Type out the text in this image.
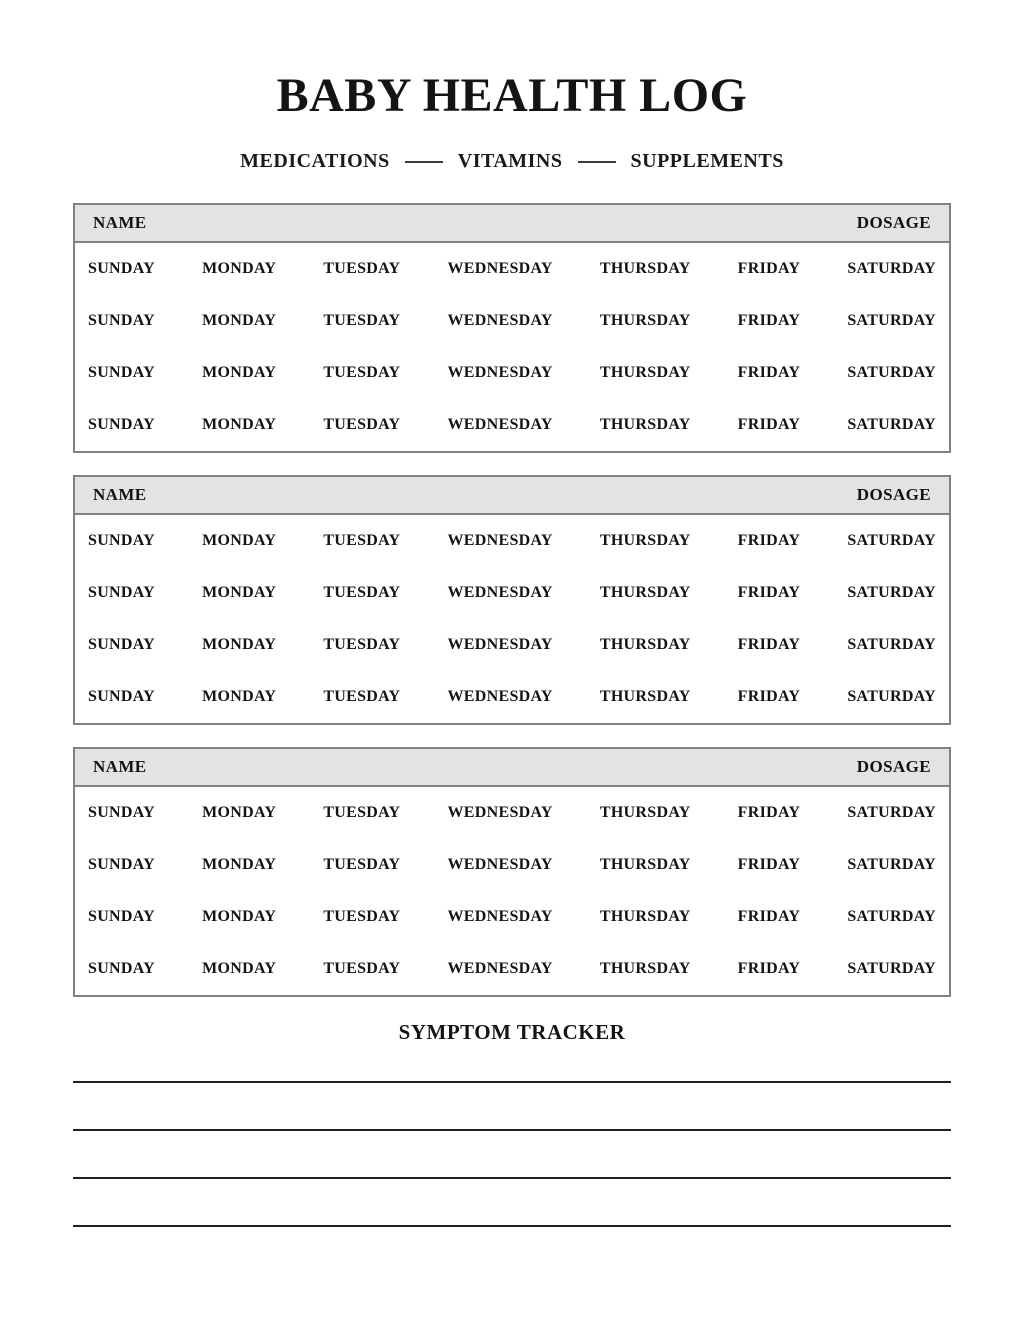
BABY HEALTH LOG
MEDICATIONS	VITAMINS	SUPPLEMENTS
NAME	DOSAGE
SUNDAY	MONDAY	TUESDAY	WEDNESDAY	THURSDAY	FRIDAY	SATURDAY
SUNDAY	MONDAY	TUESDAY	WEDNESDAY	THURSDAY	FRIDAY	SATURDAY
SUNDAY	MONDAY	TUESDAY	WEDNESDAY	THURSDAY	FRIDAY	SATURDAY
SUNDAY	MONDAY	TUESDAY	WEDNESDAY	THURSDAY	FRIDAY	SATURDAY
NAME	DOSAGE
SUNDAY	MONDAY	TUESDAY	WEDNESDAY	THURSDAY	FRIDAY	SATURDAY
SUNDAY	MONDAY	TUESDAY	WEDNESDAY	THURSDAY	FRIDAY	SATURDAY
SUNDAY	MONDAY	TUESDAY	WEDNESDAY	THURSDAY	FRIDAY	SATURDAY
SUNDAY	MONDAY	TUESDAY	WEDNESDAY	THURSDAY	FRIDAY	SATURDAY
NAME	DOSAGE
SUNDAY	MONDAY	TUESDAY	WEDNESDAY	THURSDAY	FRIDAY	SATURDAY
SUNDAY	MONDAY	TUESDAY	WEDNESDAY	THURSDAY	FRIDAY	SATURDAY
SUNDAY	MONDAY	TUESDAY	WEDNESDAY	THURSDAY	FRIDAY	SATURDAY
SUNDAY	MONDAY	TUESDAY	WEDNESDAY	THURSDAY	FRIDAY	SATURDAY
SYMPTOM TRACKER
